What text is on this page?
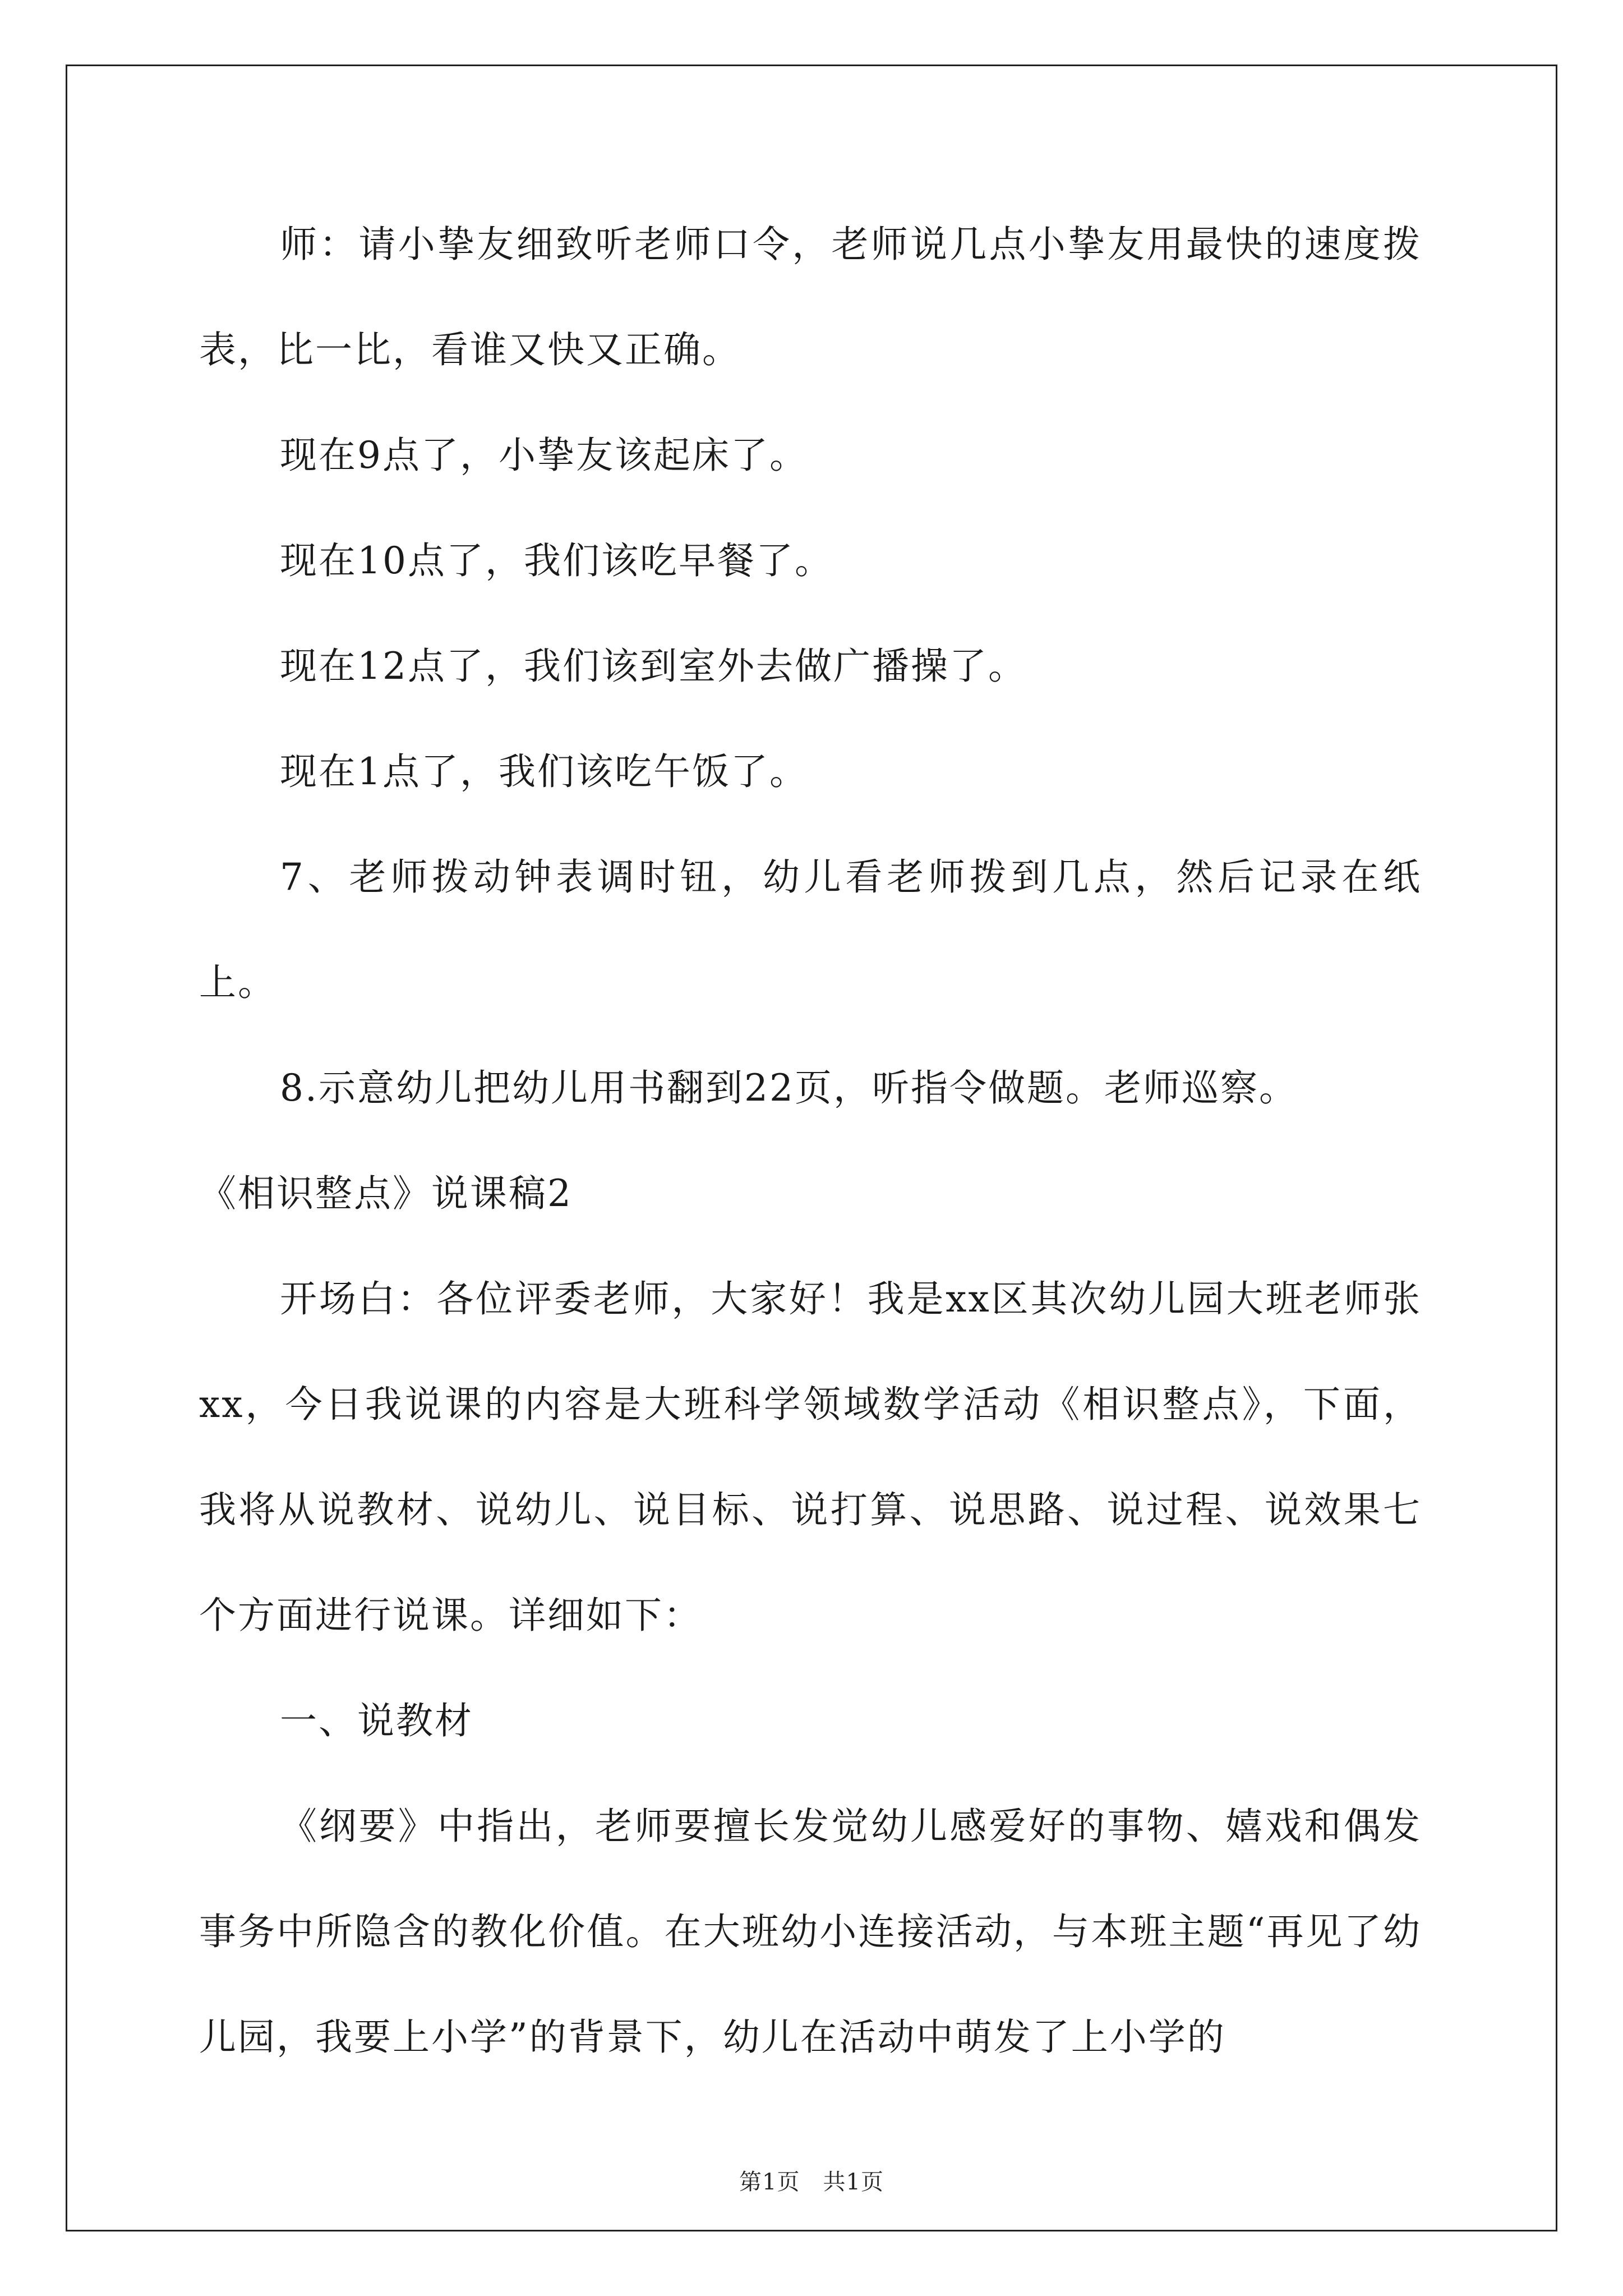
师：请小挚友细致听老师口令，老师说几点小挚友用最快的速度拨表，比一比，看谁又快又正确。

现在9点了，小挚友该起床了。

现在10点了，我们该吃早餐了。

现在12点了，我们该到室外去做广播操了。

现在1点了，我们该吃午饭了。

7、老师拨动钟表调时钮，幼儿看老师拨到几点，然后记录在纸上。

8.示意幼儿把幼儿用书翻到22页，听指令做题。老师巡察。

《相识整点》说课稿2

开场白：各位评委老师，大家好！我是xx区其次幼儿园大班老师张xx，今日我说课的内容是大班科学领域数学活动《相识整点》，下面，我将从说教材、说幼儿、说目标、说打算、说思路、说过程、说效果七个方面进行说课。详细如下：

一、说教材

《纲要》中指出，老师要擅长发觉幼儿感爱好的事物、嬉戏和偶发事务中所隐含的教化价值。在大班幼小连接活动，与本班主题“再见了幼儿园，我要上小学”的背景下，幼儿在活动中萌发了上小学的

第1页　共1页
